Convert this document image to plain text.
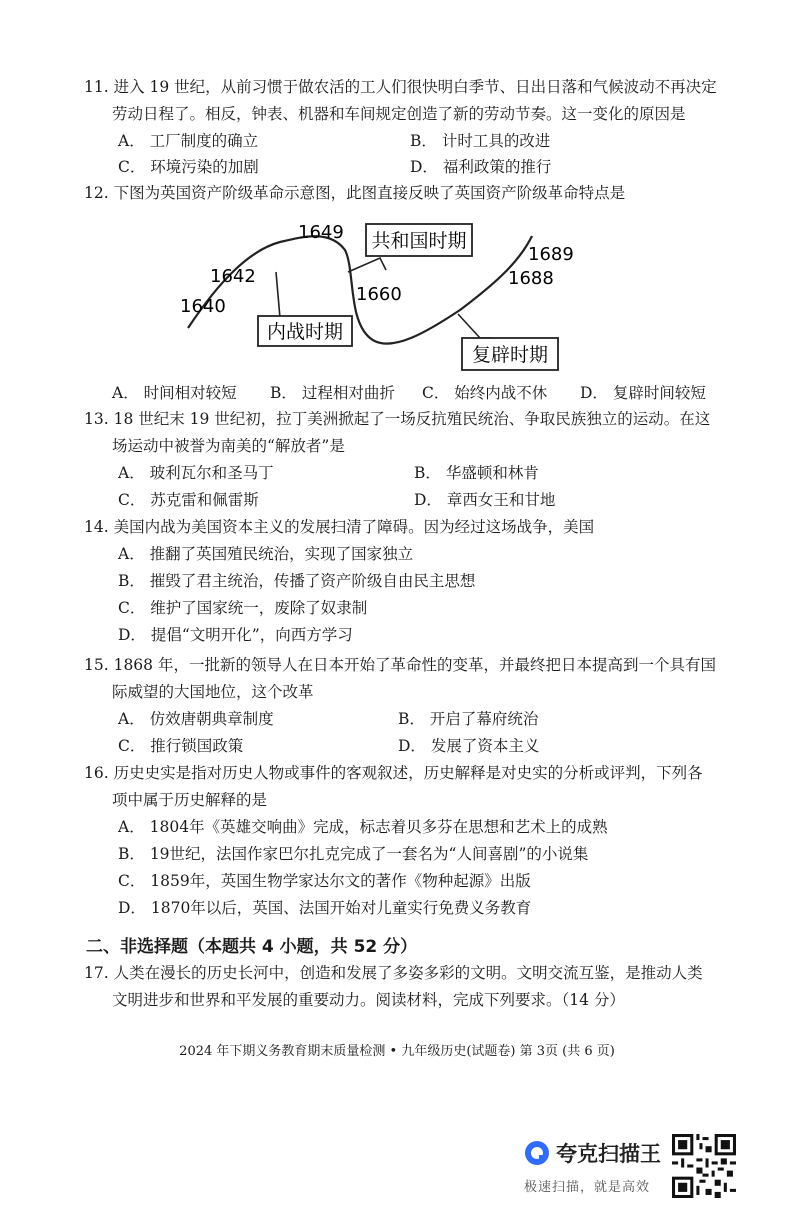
11. 进入 19 世纪，从前习惯于做农活的工人们很快明白季节、日出日落和气候波动不再决定
劳动日程了。相反，钟表、机器和车间规定创造了新的劳动节奏。这一变化的原因是
A． 工厂制度的确立	B． 计时工具的改进
C． 环境污染的加剧	D． 福利政策的推行
12. 下图为英国资产阶级革命示意图，此图直接反映了英国资产阶级革命特点是
共和国时期
内战时期
复辟时期
1640
1642
1649
1660
1688
1689
A． 时间相对较短 B． 过程相对曲折 C． 始终内战不休 D． 复辟时间较短
13. 18 世纪末 19 世纪初，拉丁美洲掀起了一场反抗殖民统治、争取民族独立的运动。在这
场运动中被誉为南美的“解放者”是
A． 玻利瓦尔和圣马丁	B． 华盛顿和林肯
C． 苏克雷和佩雷斯	D． 章西女王和甘地
14. 美国内战为美国资本主义的发展扫清了障碍。因为经过这场战争，美国
A． 推翻了英国殖民统治，实现了国家独立
B． 摧毁了君主统治，传播了资产阶级自由民主思想
C． 维护了国家统一，废除了奴隶制
D． 提倡“文明开化”，向西方学习
15. 1868 年，一批新的领导人在日本开始了革命性的变革，并最终把日本提高到一个具有国
际威望的大国地位，这个改革
A． 仿效唐朝典章制度	B． 开启了幕府统治
C． 推行锁国政策	D． 发展了资本主义
16. 历史史实是指对历史人物或事件的客观叙述，历史解释是对史实的分析或评判，下列各
项中属于历史解释的是
A． 1804年《英雄交响曲》完成，标志着贝多芬在思想和艺术上的成熟
B． 19世纪，法国作家巴尔扎克完成了一套名为“人间喜剧”的小说集
C． 1859年，英国生物学家达尔文的著作《物种起源》出版
D． 1870年以后，英国、法国开始对儿童实行免费义务教育
二、非选择题（本题共 4 小题，共 52 分）
17. 人类在漫长的历史长河中，创造和发展了多姿多彩的文明。文明交流互鉴，是推动人类
文明进步和世界和平发展的重要动力。阅读材料，完成下列要求。（14 分）
2024 年下期义务教育期末质量检测 • 九年级历史(试题卷) 第 3页 (共 6 页)
夸克扫描王
极速扫描，就是高效
